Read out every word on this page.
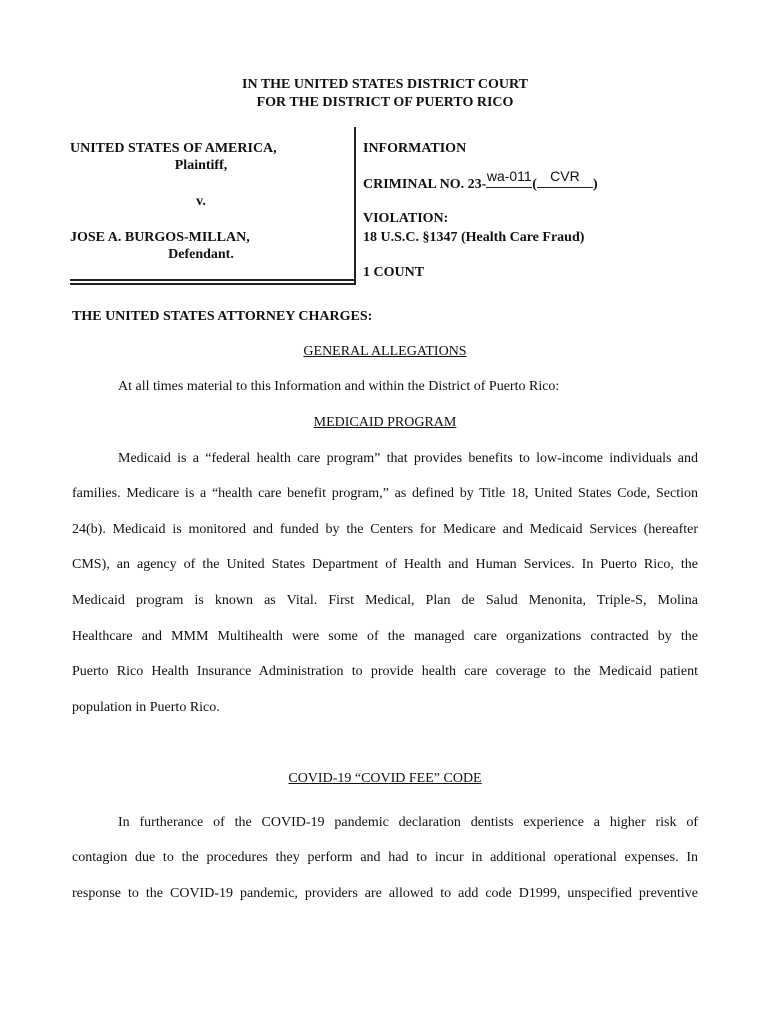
IN THE UNITED STATES DISTRICT COURT
FOR THE DISTRICT OF PUERTO RICO
UNITED STATES OF AMERICA,
Plaintiff,
v.
JOSE A. BURGOS-MILLAN,
Defendant.
INFORMATION
CRIMINAL NO. 23-
wa-011
(
CVR
)
VIOLATION:
18 U.S.C. §1347 (Health Care Fraud)
1 COUNT
THE UNITED STATES ATTORNEY CHARGES:
GENERAL ALLEGATIONS
At all times material to this Information and within the District of Puerto Rico:
MEDICAID PROGRAM
Medicaid is a “federal health care program” that provides benefits to low-income individuals and
families. Medicare is a “health care benefit program,” as defined by Title 18, United States Code, Section
24(b). Medicaid is monitored and funded by the Centers for Medicare and Medicaid Services (hereafter
CMS), an agency of the United States Department of Health and Human Services. In Puerto Rico, the
Medicaid program is known as Vital. First Medical, Plan de Salud Menonita, Triple-S, Molina
Healthcare and MMM Multihealth were some of the managed care organizations contracted by the
Puerto Rico Health Insurance Administration to provide health care coverage to the Medicaid patient
population in Puerto Rico.
COVID-19 “COVID FEE” CODE
In furtherance of the COVID-19 pandemic declaration dentists experience a higher risk of
contagion due to the procedures they perform and had to incur in additional operational expenses. In
response to the COVID-19 pandemic, providers are allowed to add code D1999, unspecified preventive
